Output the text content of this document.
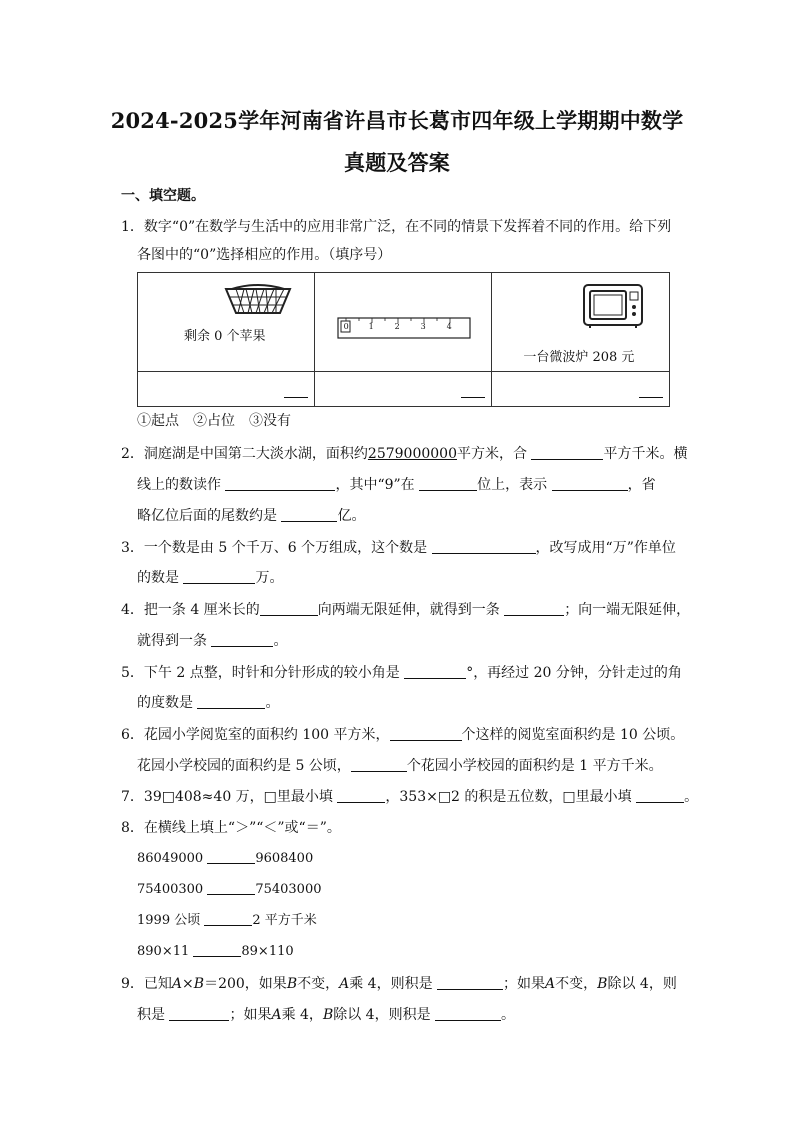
2024-2025学年河南省许昌市长葛市四年级上学期期中数学
真题及答案
一、填空题。
1．数字“0”在数学与生活中的应用非常广泛，在不同的情景下发挥着不同的作用。给下列
各图中的“0”选择相应的作用。（填序号）
剩余 0 个苹果	0 1 2 3 4	一台微波炉 208 元

①起点　②占位　③没有
2．洞庭湖是中国第二大淡水湖，面积约2579000000平方米，合	平方千米。横
线上的数读作	，其中“9”在	位上，表示	，省
略亿位后面的尾数约是	亿。
3．一个数是由 5 个千万、6 个万组成，这个数是	，改写成用“万”作单位
的数是	万。
4．把一条 4 厘米长的	向两端无限延伸，就得到一条	；向一端无限延伸，
就得到一条	。
5．下午 2 点整，时针和分针形成的较小角是	°，再经过 20 分钟，分针走过的角
的度数是	。
6．花园小学阅览室的面积约 100 平方米，	个这样的阅览室面积约是 10 公顷。
花园小学校园的面积约是 5 公顷，	个花园小学校园的面积约是 1 平方千米。
7．39□408≈40 万，□里最小填	，353×□2 的积是五位数，□里最小填	。
8．在横线上填上“＞”“＜”或“＝”。
86049000	9608400
75400300	75403000
1999 公顷	2 平方千米
890×11	89×110
9．已知A×B＝200，如果B不变，A乘 4，则积是	；如果A不变，B除以 4，则
积是	；如果A乘 4，B除以 4，则积是	。
